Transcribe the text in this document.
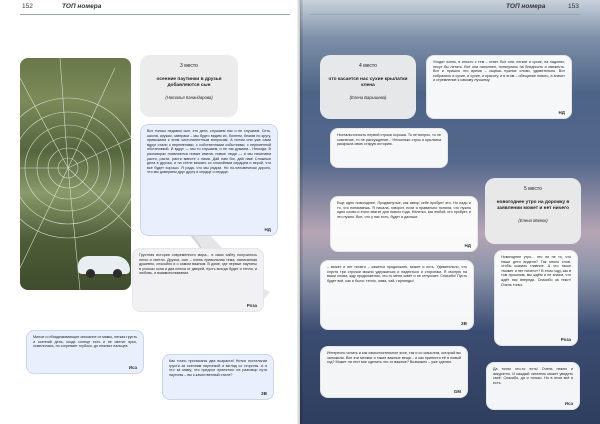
152	ТОП номера
3 место
осенние паутинки в друзья добавляются сын
(Наталья Канандарова)
Вот только недавно сын, это дети, слушаем нас и не слушаем. Сеть, школа, кружки, завтраки – мы будто видим их, болеем, бежим по кругу, привыкаем к этим чистопатентным вопросам. А потом они уже сами вдруг стали с переменами, с собственными событиями, с переменной обстановкой. И вдруг — мы то слушаем, и не так думаем... Некогда. В разговорах появляются новые имена, новые люди — и мы начинаем расти, расти, расти вместе с ними. Дай нам бог, дай нам! Сложные дела в друзья, и на стене вешать со спокойным сердцем и верой, что все будет хорошо. Я рада, что мы рядом. Но по-человечески дорого, что мы доверяем друг другу и сердце о сердце.
НД
Грустная история современного мира... в само сайту получилось легко и светло. Друзья, сын – очень правильная тема, написанная душевно, спокойно и о самом важном. В доме, где первые паутины в уголках окна и два ключа от дверей, пусть всегда будет и тепло, и любовь, и взаимопонимание.
Роза
Милое и обнадеживающее описание от мамы, легкая грусть и осенний день, когда солнце есть и не светит ярко, осмелилась, но согревает глубоко, до нежных пальцев.
Иса
Как точно прописаны два возраста! Нотка ностальгии грусти за осенним паутинкой и взгляд со стороны. А я что за маму, что предлог принятого на разговор пути паутины – вы к качественный стиле?
ЗВ
ТОП номера	153
4 место
что касается нас сухие крылатки клена
(Елена Барышева)
Уходят осень, в иносто с тем – ответ. Вот они, легкие и сухие, на ладонях, несут бы летать. Вот они наполнен, потянулись на бледность и свежесть. Вот и пришло это время – ищешь нужное слово, удивительно. Вот собрались и сухие, и сухие, и красоту, и в этом – обещание нового, а значит и стремление к самому лучшему.
НД
Ностальгичность первой строки хороша. То не вопрос, то не сомнение, то не рассуждение... Несколько строк и крылатка раскрыла свою старую историю.
Еще одно новогоднее. Продвинутые, как автор себе пробует это. Но надо и то, что понимаешь. Я начала, говорит, если я правильно поняла, что нужно одно слово и этого хватит для нового года. Нелегко, как любой, кто пробует, и это нужно. Все, что у нас есть, будет и дальше.
НД
5 место
новогоднее утро на дорожку в заявлении может и нет ничего
(Елена Малюк)
– может и нет ничего – кажется продолжать, может и есть. Удивительно, что спустя три строчки можно удержаться и надеяться и сторонам. Я смотрю на ваши слова, жду продолжения, что-то меня зовёт и не отпускает. Спасибо! Пусть будет всё, как и было: тепло, зима, чай, гирлянды!
ЗВ
Новогоднее утро... это ли не то, что наши дети видели? Так много слов, чтобы сказать главное. А что такое «может и нет ничего»? В этом году, как в том прошлом, мы ждём и не знаем, что ждёт нас впереди. Спасибо за текст! Очень тонко.
Роза
Интересно читать и как самостоятельное эссе, так и со смыслом, который вы заложили. Все эти мелкие и такие важные вещи... и как принести её в новый год? Может ли этот миг сделать что-то важное? Возможно – уже сделал.
GM
Да точно что-то есть! Очень нежно и аккуратно. И каждый читатель может увидеть своё. Спасибо, да и только. Но в этом всё и есть.
Иса
